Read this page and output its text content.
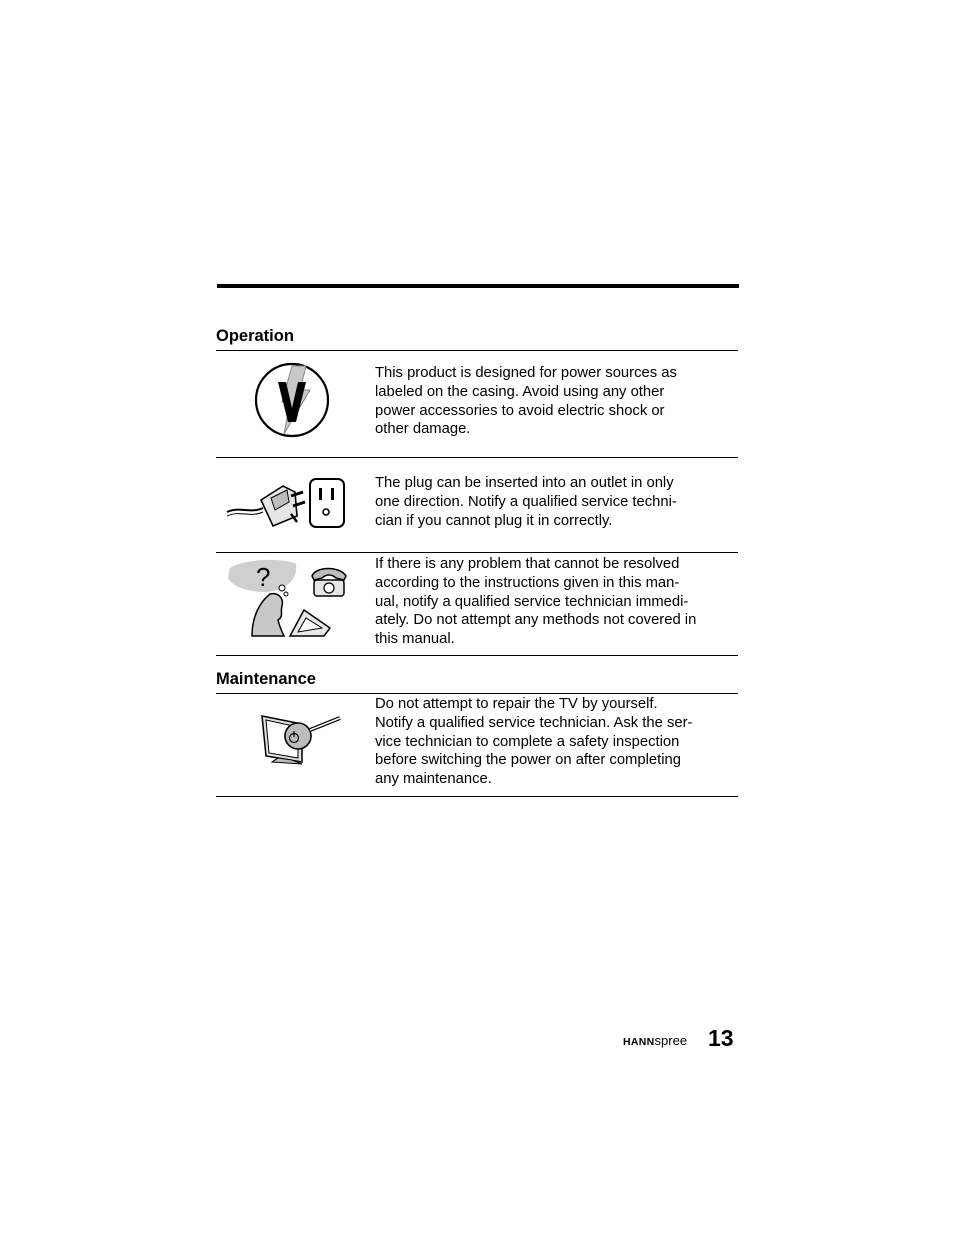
Operation
This product is designed for power sources as
labeled on the casing. Avoid using any other
power accessories to avoid electric shock or
other damage.
The plug can be inserted into an outlet in only
one direction. Notify a qualified service techni-
cian if you cannot plug it in correctly.
?	If there is any problem that cannot be resolved
according to the instructions given in this man-
ual, notify a qualified service technician immedi-
ately. Do not attempt any methods not covered in
this manual.
Maintenance
Do not attempt to repair the TV by yourself.
Notify a qualified service technician. Ask the ser-
vice technician to complete a safety inspection
before switching the power on after completing
any maintenance.
HANNspree 13
